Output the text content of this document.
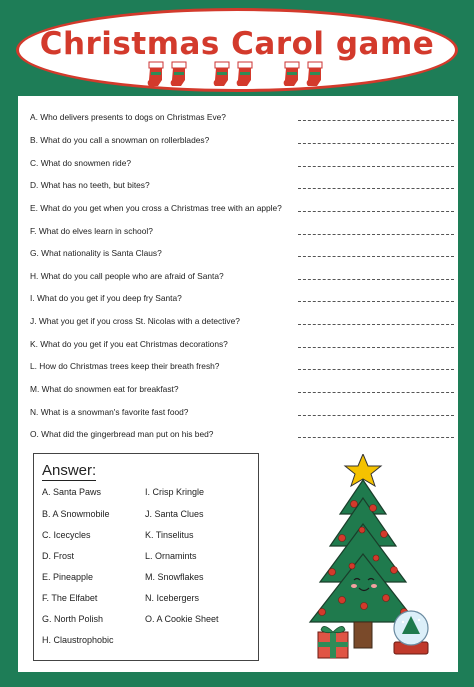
Christmas Carol game
A. Who delivers presents to dogs on Christmas Eve?
B. What do you call a snowman on rollerblades?
C. What do snowmen ride?
D. What has no teeth, but bites?
E. What do you get when you cross a Christmas tree with an apple?
F. What do elves learn in school?
G. What nationality is Santa Claus?
H. What do you call people who are afraid of Santa?
I. What do you get if you deep fry Santa?
J. What you get if you cross St. Nicolas with a detective?
K. What do you get if you eat Christmas decorations?
L. How do Christmas trees keep their breath fresh?
M. What do snowmen eat for breakfast?
N. What is a snowman's favorite fast food?
O. What did the gingerbread man put on his bed?
Answer:
A. Santa Paws
B. A Snowmobile
C. Icecycles
D. Frost
E. Pineapple
F. The Elfabet
G. North Polish
H. Claustrophobic
I. Crisp Kringle
J. Santa Clues
K. Tinselitus
L. Ornamints
M. Snowflakes
N. Icebergers
O. A Cookie Sheet
